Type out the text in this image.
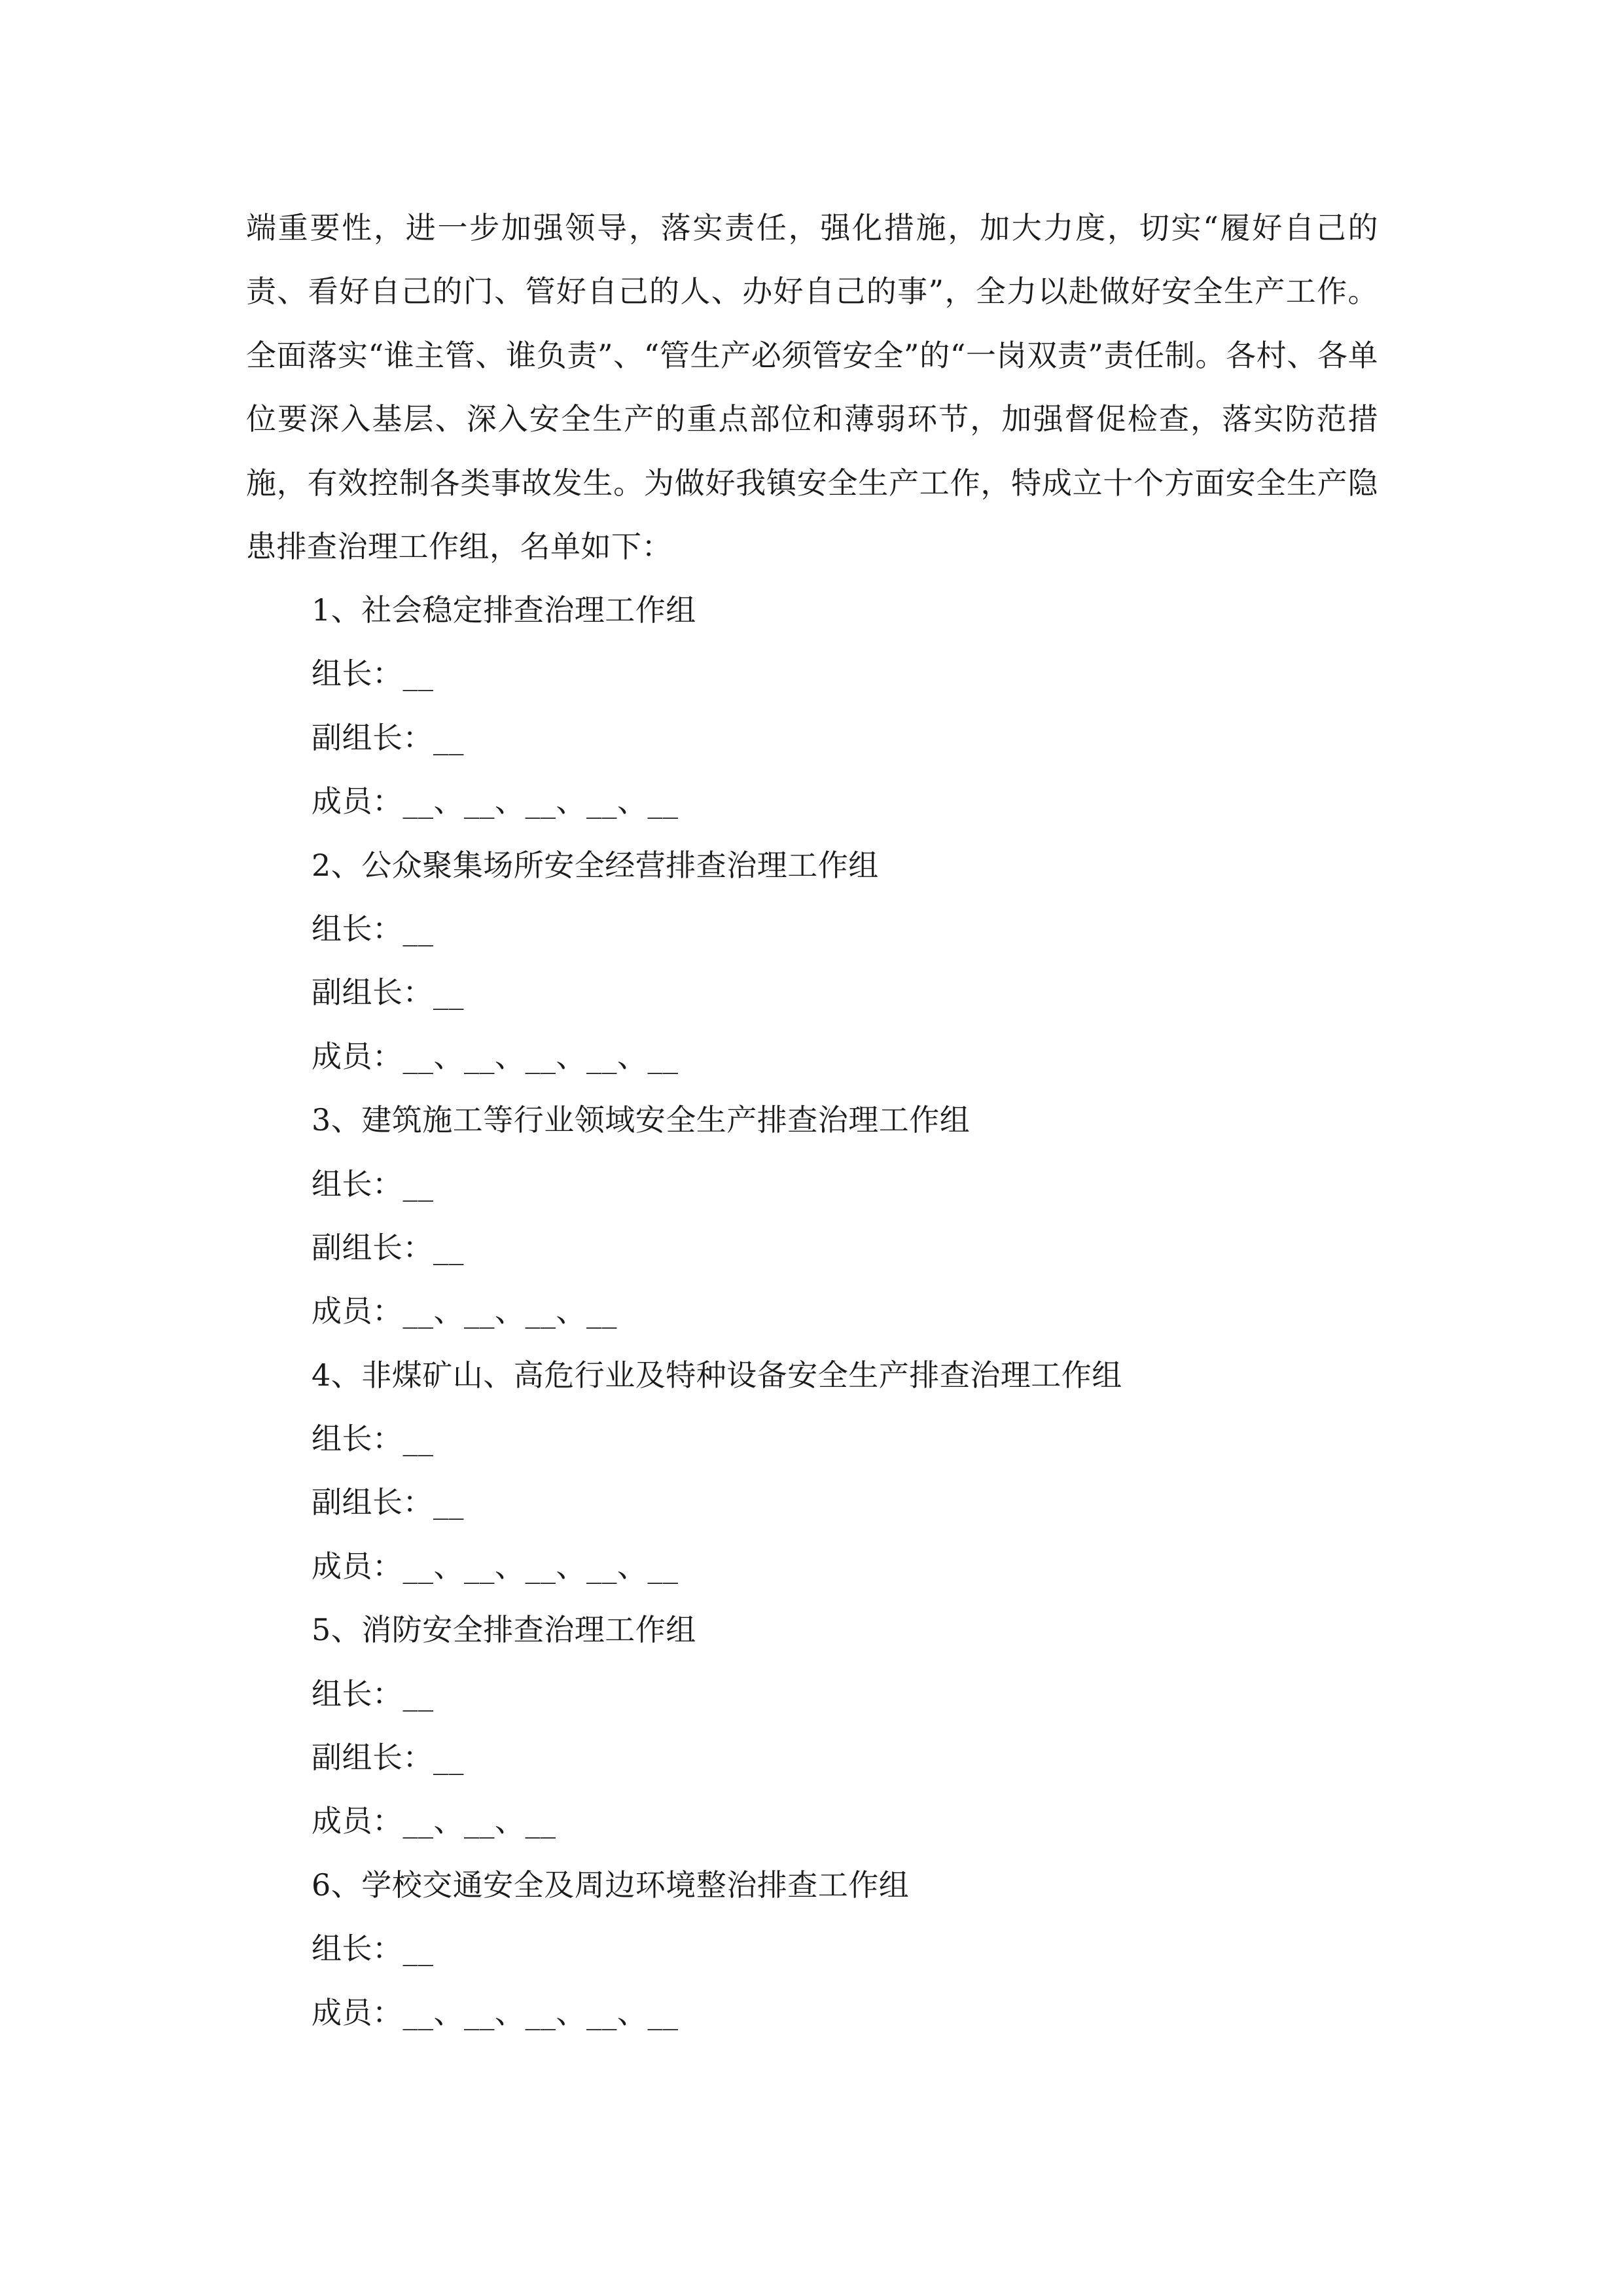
端重要性，进一步加强领导，落实责任，强化措施，加大力度，切实“履好自己的责、看好自己的门、管好自己的人、办好自己的事”，全力以赴做好安全生产工作。全面落实“谁主管、谁负责”、“管生产必须管安全”的“一岗双责”责任制。各村、各单位要深入基层、深入安全生产的重点部位和薄弱环节，加强督促检查，落实防范措施，有效控制各类事故发生。为做好我镇安全生产工作，特成立十个方面安全生产隐患排查治理工作组，名单如下：

1、社会稳定排查治理工作组
组长：__
副组长：__
成员：__、__、__、__、__
2、公众聚集场所安全经营排查治理工作组
组长：__
副组长：__
成员：__、__、__、__、__
3、建筑施工等行业领域安全生产排查治理工作组
组长：__
副组长：__
成员：__、__、__、__
4、非煤矿山、高危行业及特种设备安全生产排查治理工作组
组长：__
副组长：__
成员：__、__、__、__、__
5、消防安全排查治理工作组
组长：__
副组长：__
成员：__、__、__
6、学校交通安全及周边环境整治排查工作组
组长：__
成员：__、__、__、__、__
